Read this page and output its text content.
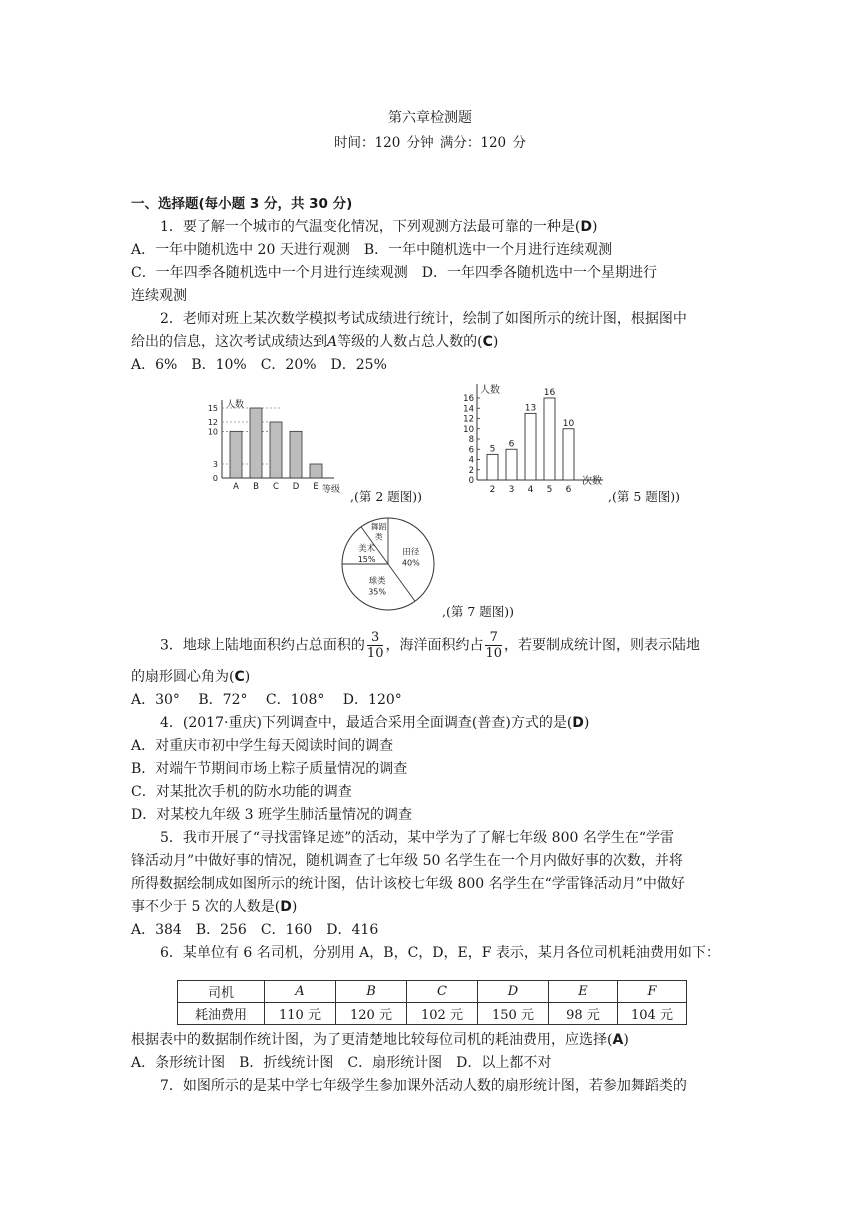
第六章检测题
时间：120 分钟 满分：120 分
一、选择题(每小题 3 分，共 30 分)
1．要了解一个城市的气温变化情况，下列观测方法最可靠的一种是(D)
A．一年中随机选中 20 天进行观测　 B．一年中随机选中一个月进行连续观测
C．一年四季各随机选中一个月进行连续观测　 D．一年四季各随机选中一个星期进行
连续观测
2．老师对班上某次数学模拟考试成绩进行统计，绘制了如图所示的统计图，根据图中
给出的信息，这次考试成绩达到A等级的人数占总人数的(C)
A．6%　B．10%　C．20%　D．25%
人数
0
3
10
12
15
A B C D E 等级 ,(第 2 题图))
人数
0
2
4
6
8
10
12
14
16
5
2
6
3
13
4
16
5
10
6
次数
,(第 5 题图))
田径
40%
球类
35%
美术
15%
舞蹈
类
,(第 7 题图))
3．地球上陆地面积约占总面积的 $\frac{3}{10}$ ，海洋面积约占 $\frac{7}{10}$ ，若要制成统计图，则表示陆地
的扇形圆心角为(C)
A．30°　 B．72°　 C．108°　 D．120°
4．(2017·重庆)下列调查中，最适合采用全面调查(普查)方式的是(D)
A．对重庆市初中学生每天阅读时间的调查
B．对端午节期间市场上粽子质量情况的调查
C．对某批次手机的防水功能的调查
D．对某校九年级 3 班学生肺活量情况的调查
5．我市开展了“寻找雷锋足迹”的活动，某中学为了了解七年级 800 名学生在“学雷
锋活动月”中做好事的情况，随机调查了七年级 50 名学生在一个月内做好事的次数，并将
所得数据绘制成如图所示的统计图，估计该校七年级 800 名学生在“学雷锋活动月”中做好
事不少于 5 次的人数是(D)
A．384　B．256　C．160　D．416
6．某单位有 6 名司机，分别用 A，B，C，D，E，F 表示，某月各位司机耗油费用如下：
司机	A	B	C	D	E	F
耗油费用	110 元	120 元	102 元	150 元	98 元	104 元
根据表中的数据制作统计图，为了更清楚地比较每位司机的耗油费用，应选择(A)
A．条形统计图　B．折线统计图　C．扇形统计图　D．以上都不对
7．如图所示的是某中学七年级学生参加课外活动人数的扇形统计图，若参加舞蹈类的
